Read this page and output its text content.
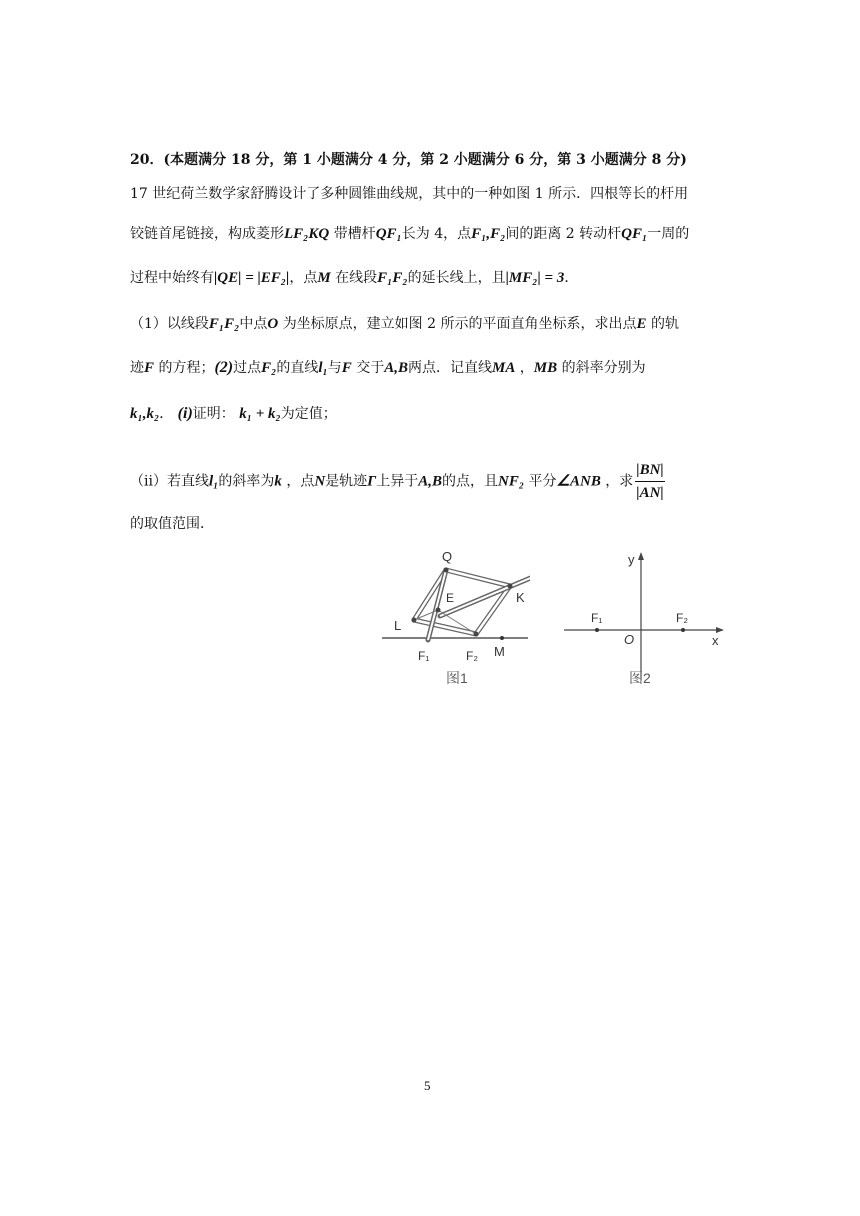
20．(本题满分 18 分，第 1 小题满分 4 分，第 2 小题满分 6 分，第 3 小题满分 8 分)
17 世纪荷兰数学家舒腾设计了多种圆锥曲线规，其中的一种如图 1 所示．四根等长的杆用
铰链首尾链接，构成菱形LF₂KQ 带槽杆QF₁长为 4，点F₁,F₂间的距离 2 转动杆QF₁一周的
过程中始终有|QE| = |EF₂|，点M 在线段F₁F₂的延长线上，且|MF₂| = 3．
（1）以线段F₁F₂中点O 为坐标原点，建立如图 2 所示的平面直角坐标系，求出点E 的轨
迹F 的方程；(2)过点F₂的直线l₁与F 交于A,B两点．记直线MA ，MB 的斜率分别为
k₁,k₂． (i)证明： k₁ + k₂为定值；
（ii）若直线l₁的斜率为k ，点N是轨迹Γ上异于A,B的点，且NF₂ 平分∠ANB ，求 $\frac{|BN|}{|AN|}$
的取值范围．
Q
E	K
L
F₁	F₂ M
图1
y
x
O
F₁	F₂
图2
5
